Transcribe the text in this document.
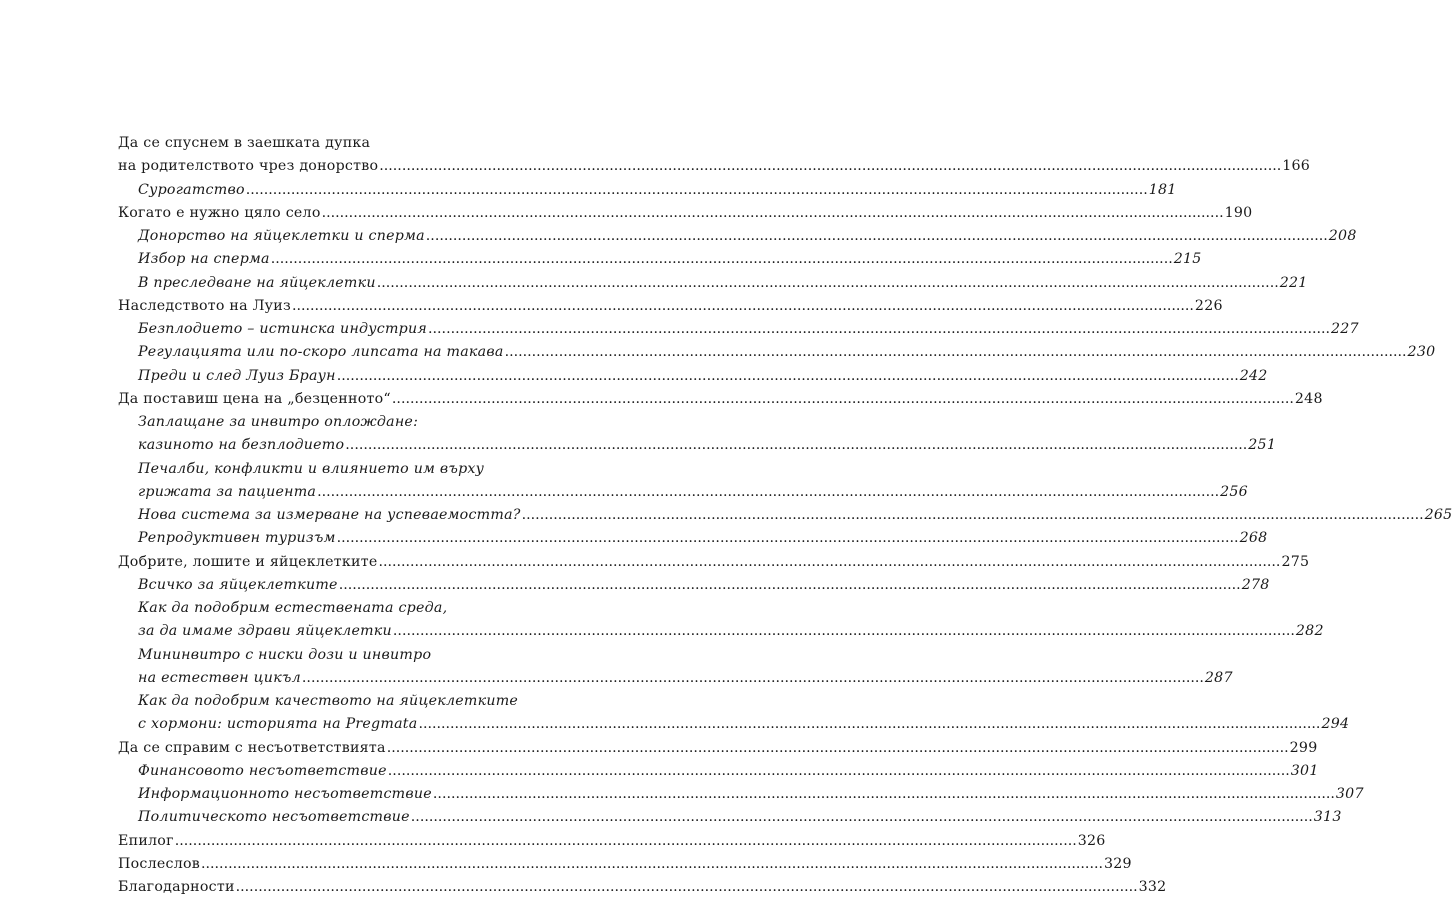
Да се спуснем в заешката дупка
на родителството чрез донорство .....	166
Сурогатство .....	181
Когато е нужно цяло село .....	190
Донорство на яйцеклетки и сперма .....	208
Избор на сперма .....	215
В преследване на яйцеклетки .....	221
Наследството на Луиз .....	226
Безплодието – истинска индустрия .....	227
Регулацията или по-скоро липсата на такава .....	230
Преди и след Луиз Браун .....	242
Да поставиш цена на „безценното“ .....	248
Заплащане за инвитро оплождане:
казиното на безплодието .....	251
Печалби, конфликти и влиянието им върху
грижата за пациента .....	256
Нова система за измерване на успеваемостта? .....	265
Репродуктивен туризъм .....	268
Добрите, лошите и яйцеклетките .....	275
Всичко за яйцеклетките .....	278
Как да подобрим естествената среда,
за да имаме здрави яйцеклетки .....	282
Мининвитро с ниски дози и инвитро
на естествен цикъл .....	287
Как да подобрим качеството на яйцеклетките
с хормони: историята на Pregmata .....	294
Да се справим с несъответствията .....	299
Финансовото несъответствие .....	301
Информационното несъответствие .....	307
Политическото несъответствие .....	313
Епилог .....	326
Послеслов .....	329
Благодарности .....	332
